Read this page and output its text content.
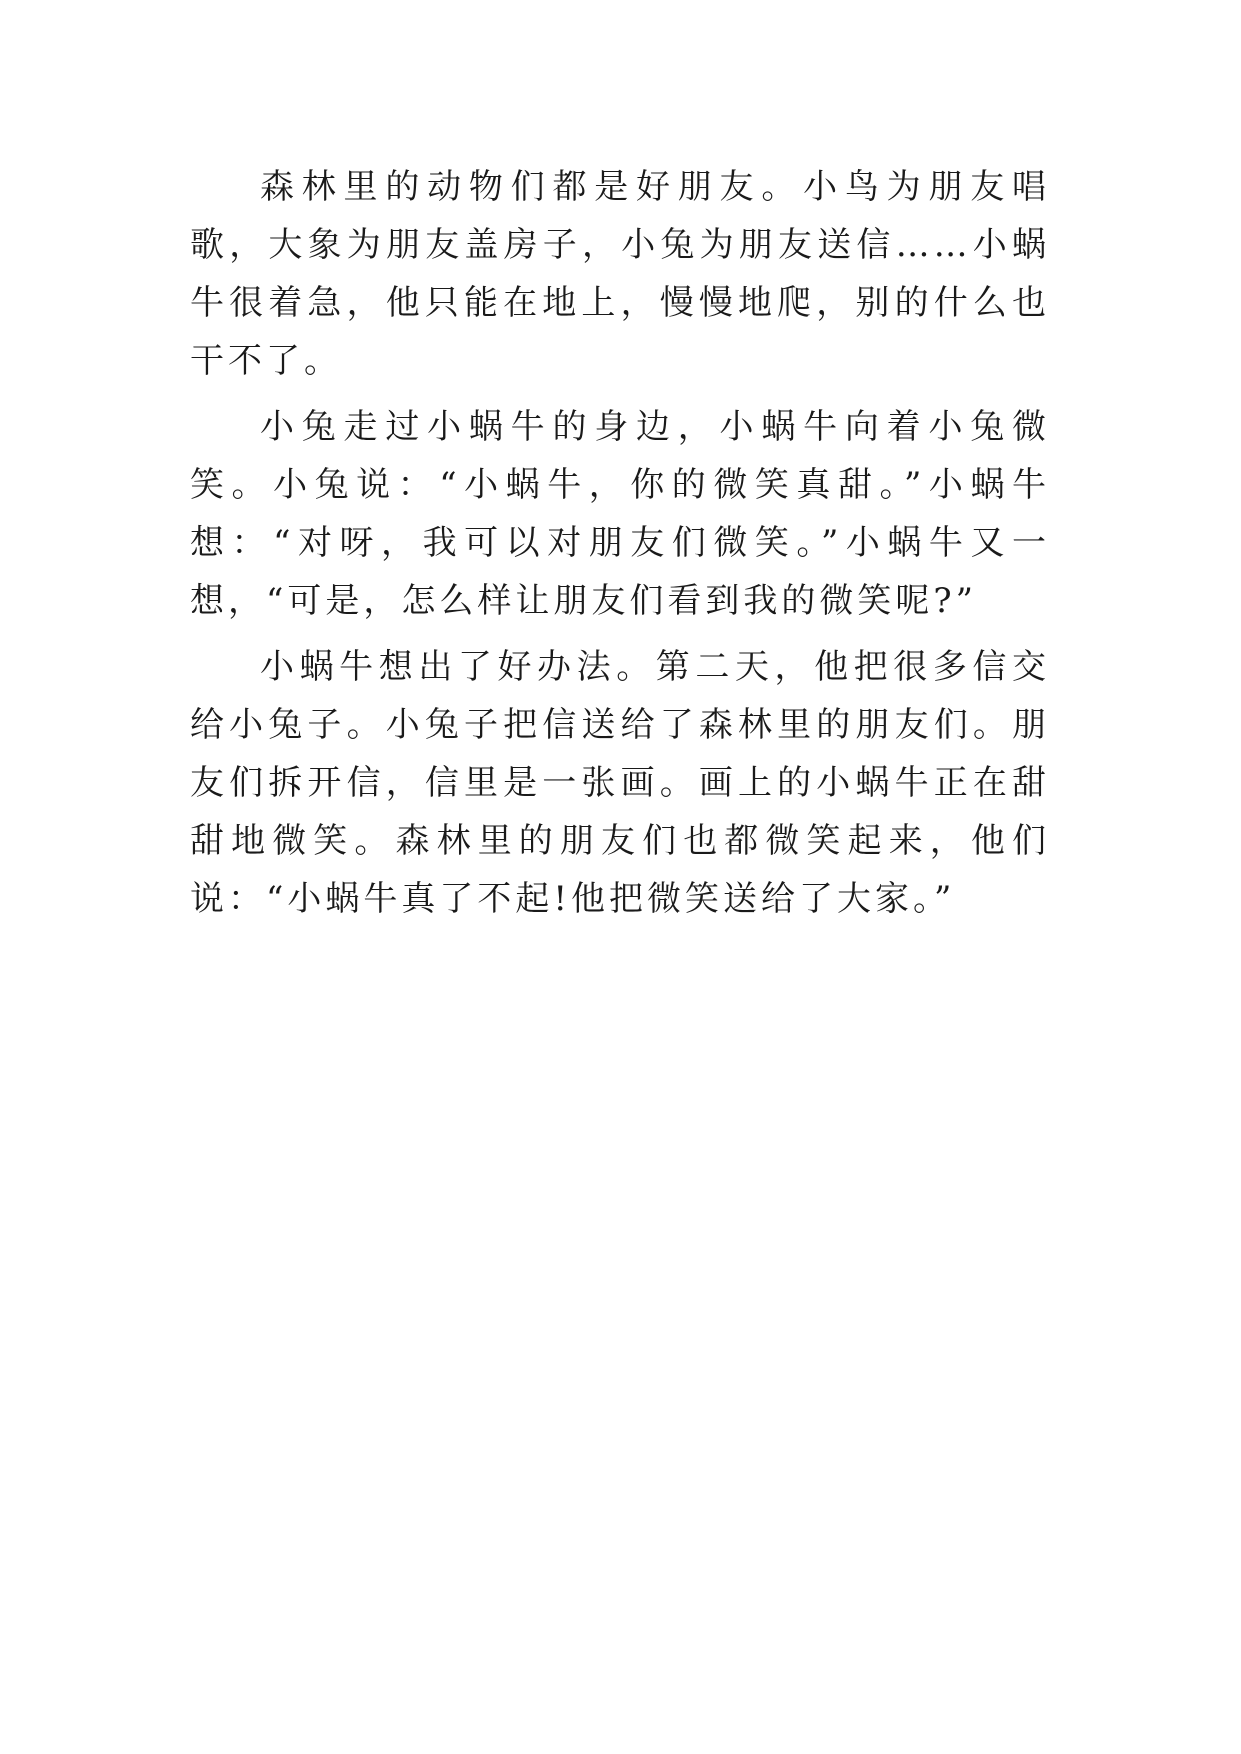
森林里的动物们都是好朋友。小鸟为朋友唱歌，大象为朋友盖房子，小兔为朋友送信……小蜗牛很着急，他只能在地上，慢慢地爬，别的什么也干不了。

小兔走过小蜗牛的身边，小蜗牛向着小兔微笑。小兔说：“小蜗牛，你的微笑真甜。”小蜗牛想：“对呀，我可以对朋友们微笑。”小蜗牛又一想，“可是，怎么样让朋友们看到我的微笑呢?”

小蜗牛想出了好办法。第二天，他把很多信交给小兔子。小兔子把信送给了森林里的朋友们。朋友们拆开信，信里是一张画。画上的小蜗牛正在甜甜地微笑。森林里的朋友们也都微笑起来，他们说：“小蜗牛真了不起!他把微笑送给了大家。”
